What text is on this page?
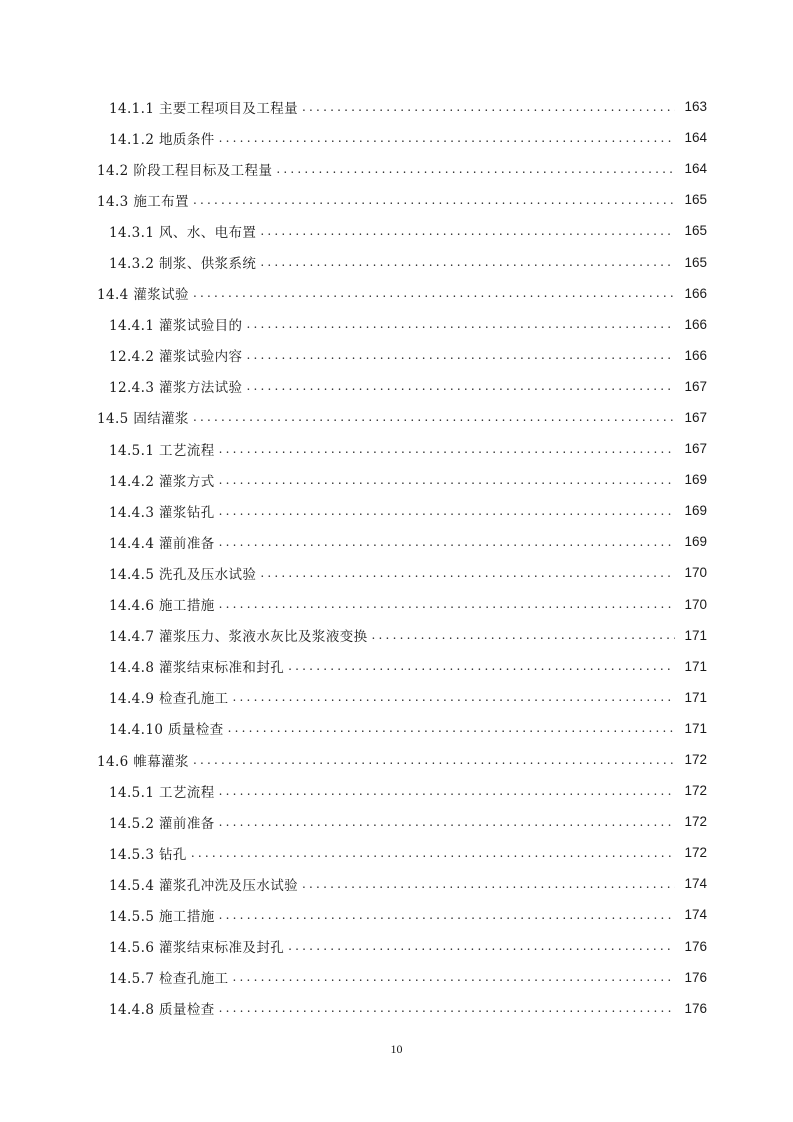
14.1.1 主要工程项目及工程量 .....	163
14.1.2 地质条件 .....	164
14.2 阶段工程目标及工程量 .....	164
14.3 施工布置 .....	165
14.3.1 风、水、电布置 .....	165
14.3.2 制浆、供浆系统 .....	165
14.4 灌浆试验 .....	166
14.4.1 灌浆试验目的 .....	166
12.4.2 灌浆试验内容 .....	166
12.4.3 灌浆方法试验 .....	167
14.5 固结灌浆 .....	167
14.5.1 工艺流程 .....	167
14.4.2 灌浆方式 .....	169
14.4.3 灌浆钻孔 .....	169
14.4.4 灌前准备 .....	169
14.4.5 洗孔及压水试验 .....	170
14.4.6 施工措施 .....	170
14.4.7 灌浆压力、浆液水灰比及浆液变换 .....	171
14.4.8 灌浆结束标准和封孔 .....	171
14.4.9 检查孔施工 .....	171
14.4.10 质量检查 .....	171
14.6 帷幕灌浆 .....	172
14.5.1 工艺流程 .....	172
14.5.2 灌前准备 .....	172
14.5.3 钻孔 .....	172
14.5.4 灌浆孔冲洗及压水试验 .....	174
14.5.5 施工措施 .....	174
14.5.6 灌浆结束标准及封孔 .....	176
14.5.7 检查孔施工 .....	176
14.4.8 质量检查 .....	176
10
